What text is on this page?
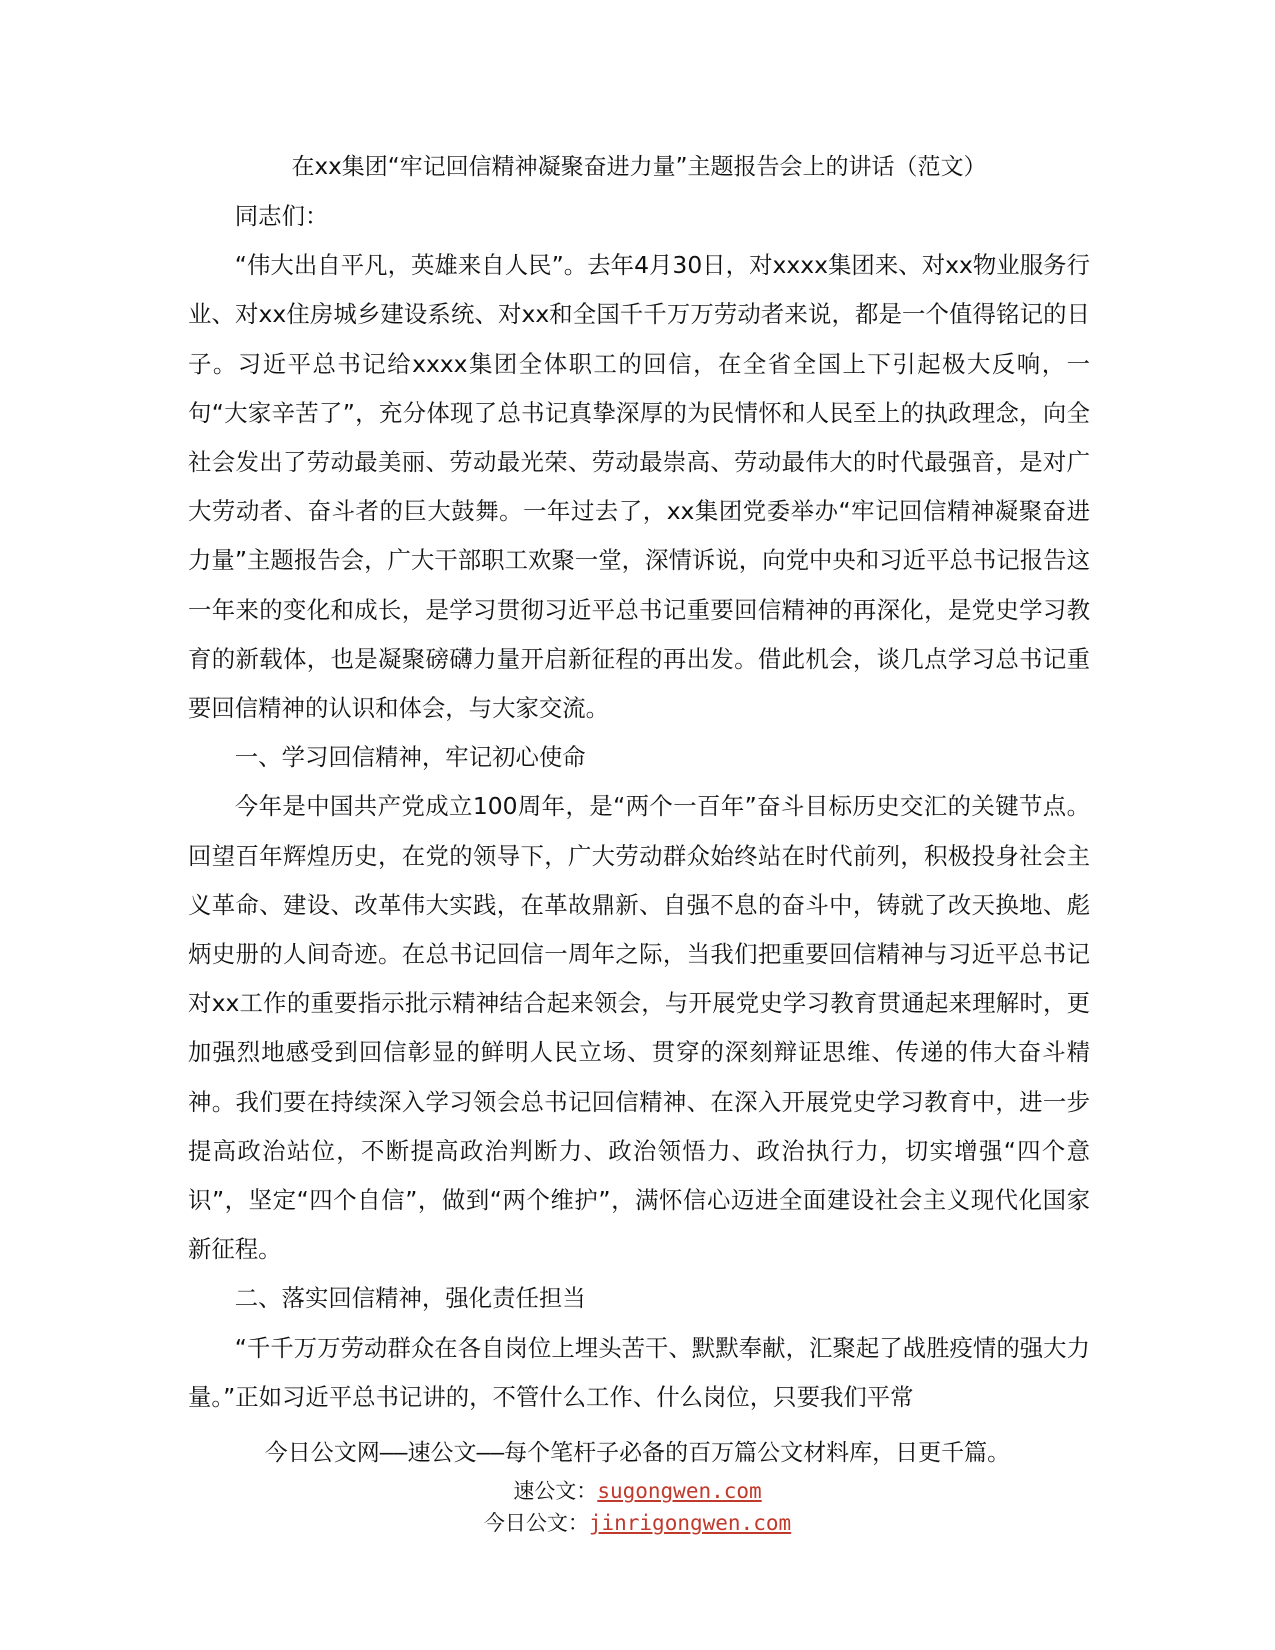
在xx集团“牢记回信精神凝聚奋进力量”主题报告会上的讲话（范文）

同志们：

“伟大出自平凡，英雄来自人民”。去年4月30日，对xxxx集团来、对xx物业服务行业、对xx住房城乡建设系统、对xx和全国千千万万劳动者来说，都是一个值得铭记的日子。习近平总书记给xxxx集团全体职工的回信，在全省全国上下引起极大反响，一句“大家辛苦了”，充分体现了总书记真挚深厚的为民情怀和人民至上的执政理念，向全社会发出了劳动最美丽、劳动最光荣、劳动最崇高、劳动最伟大的时代最强音，是对广大劳动者、奋斗者的巨大鼓舞。一年过去了，xx集团党委举办“牢记回信精神凝聚奋进力量”主题报告会，广大干部职工欢聚一堂，深情诉说，向党中央和习近平总书记报告这一年来的变化和成长，是学习贯彻习近平总书记重要回信精神的再深化，是党史学习教育的新载体，也是凝聚磅礴力量开启新征程的再出发。借此机会，谈几点学习总书记重要回信精神的认识和体会，与大家交流。

一、学习回信精神，牢记初心使命

今年是中国共产党成立100周年，是“两个一百年”奋斗目标历史交汇的关键节点。回望百年辉煌历史，在党的领导下，广大劳动群众始终站在时代前列，积极投身社会主义革命、建设、改革伟大实践，在革故鼎新、自强不息的奋斗中，铸就了改天换地、彪炳史册的人间奇迹。在总书记回信一周年之际，当我们把重要回信精神与习近平总书记对xx工作的重要指示批示精神结合起来领会，与开展党史学习教育贯通起来理解时，更加强烈地感受到回信彰显的鲜明人民立场、贯穿的深刻辩证思维、传递的伟大奋斗精神。我们要在持续深入学习领会总书记回信精神、在深入开展党史学习教育中，进一步提高政治站位，不断提高政治判断力、政治领悟力、政治执行力，切实增强“四个意识”，坚定“四个自信”，做到“两个维护”，满怀信心迈进全面建设社会主义现代化国家新征程。

二、落实回信精神，强化责任担当

“千千万万劳动群众在各自岗位上埋头苦干、默默奉献，汇聚起了战胜疫情的强大力量。”正如习近平总书记讲的，不管什么工作、什么岗位，只要我们平常

今日公文网——速公文——每个笔杆子必备的百万篇公文材料库，日更千篇。
速公文：sugongwen.com
今日公文：jinrigongwen.com
